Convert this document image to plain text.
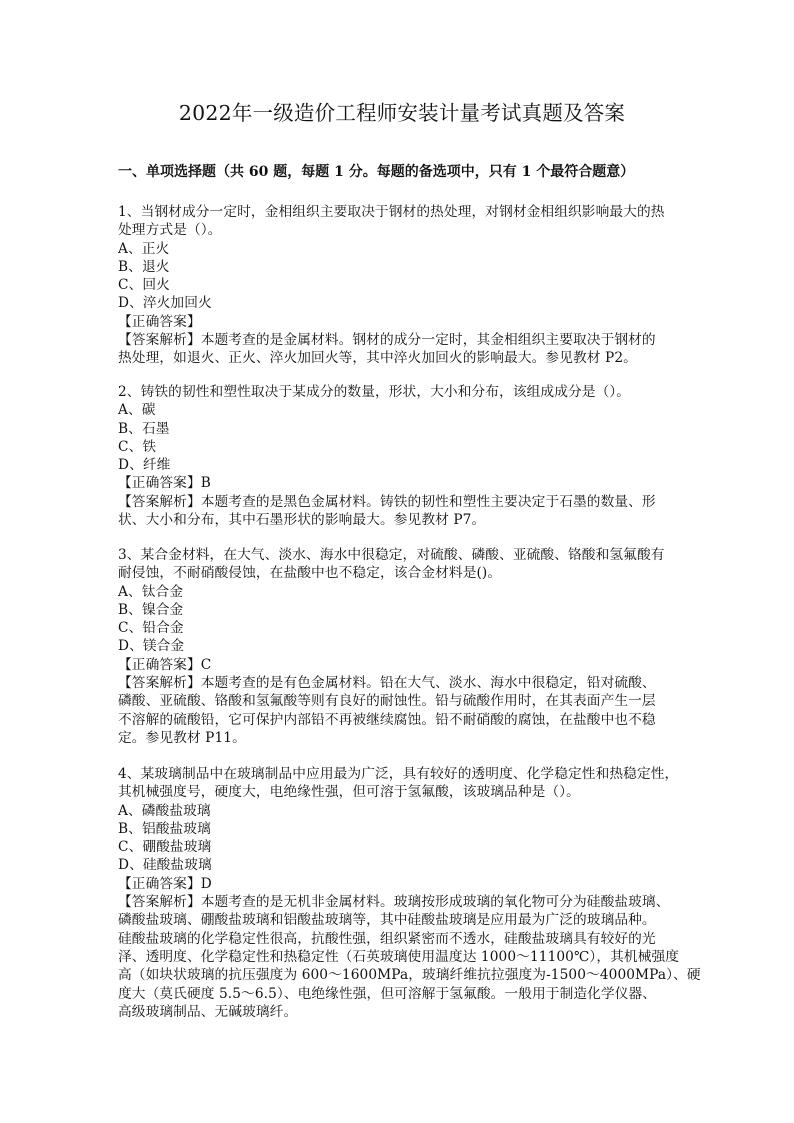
2022年一级造价工程师安装计量考试真题及答案
一、单项选择题（共 60 题，每题 1 分。每题的备选项中，只有 1 个最符合题意）
1、当钢材成分一定时，金相组织主要取决于钢材的热处理，对钢材金相组织影响最大的热
处理方式是（）。
A、正火
B、退火
C、回火
D、淬火加回火
【正确答案】
【答案解析】本题考查的是金属材料。钢材的成分一定时，其金相组织主要取决于钢材的
热处理，如退火、正火、淬火加回火等，其中淬火加回火的影响最大。参见教材 P2。
2、铸铁的韧性和塑性取决于某成分的数量，形状，大小和分布，该组成成分是（）。
A、碳
B、石墨
C、铁
D、纤维
【正确答案】B
【答案解析】本题考查的是黑色金属材料。铸铁的韧性和塑性主要决定于石墨的数量、形
状、大小和分布，其中石墨形状的影响最大。参见教材 P7。
3、某合金材料，在大气、淡水、海水中很稳定，对硫酸、磷酸、亚硫酸、铬酸和氢氟酸有
耐侵蚀，不耐硝酸侵蚀，在盐酸中也不稳定，该合金材料是()。
A、钛合金
B、镍合金
C、铅合金
D、镁合金
【正确答案】C
【答案解析】本题考查的是有色金属材料。铅在大气、淡水、海水中很稳定，铅对硫酸、
磷酸、亚硫酸、铬酸和氢氟酸等则有良好的耐蚀性。铅与硫酸作用时，在其表面产生一层
不溶解的硫酸铅，它可保护内部铅不再被继续腐蚀。铅不耐硝酸的腐蚀，在盐酸中也不稳
定。参见教材 P11。
4、某玻璃制品中在玻璃制品中应用最为广泛，具有较好的透明度、化学稳定性和热稳定性，
其机械强度号，硬度大，电绝缘性强，但可溶于氢氟酸，该玻璃品种是（）。
A、磷酸盐玻璃
B、铝酸盐玻璃
C、硼酸盐玻璃
D、硅酸盐玻璃
【正确答案】D
【答案解析】本题考查的是无机非金属材料。玻璃按形成玻璃的氧化物可分为硅酸盐玻璃、
磷酸盐玻璃、硼酸盐玻璃和铝酸盐玻璃等，其中硅酸盐玻璃是应用最为广泛的玻璃品种。
硅酸盐玻璃的化学稳定性很高，抗酸性强，组织紧密而不透水，硅酸盐玻璃具有较好的光
泽、透明度、化学稳定性和热稳定性（石英玻璃使用温度达 1000～11100℃），其机械强度
高（如块状玻璃的抗压强度为 600～1600MPa，玻璃纤维抗拉强度为-1500～4000MPa）、硬
度大（莫氏硬度 5.5～6.5）、电绝缘性强，但可溶解于氢氟酸。一般用于制造化学仪器、
高级玻璃制品、无碱玻璃纤。
